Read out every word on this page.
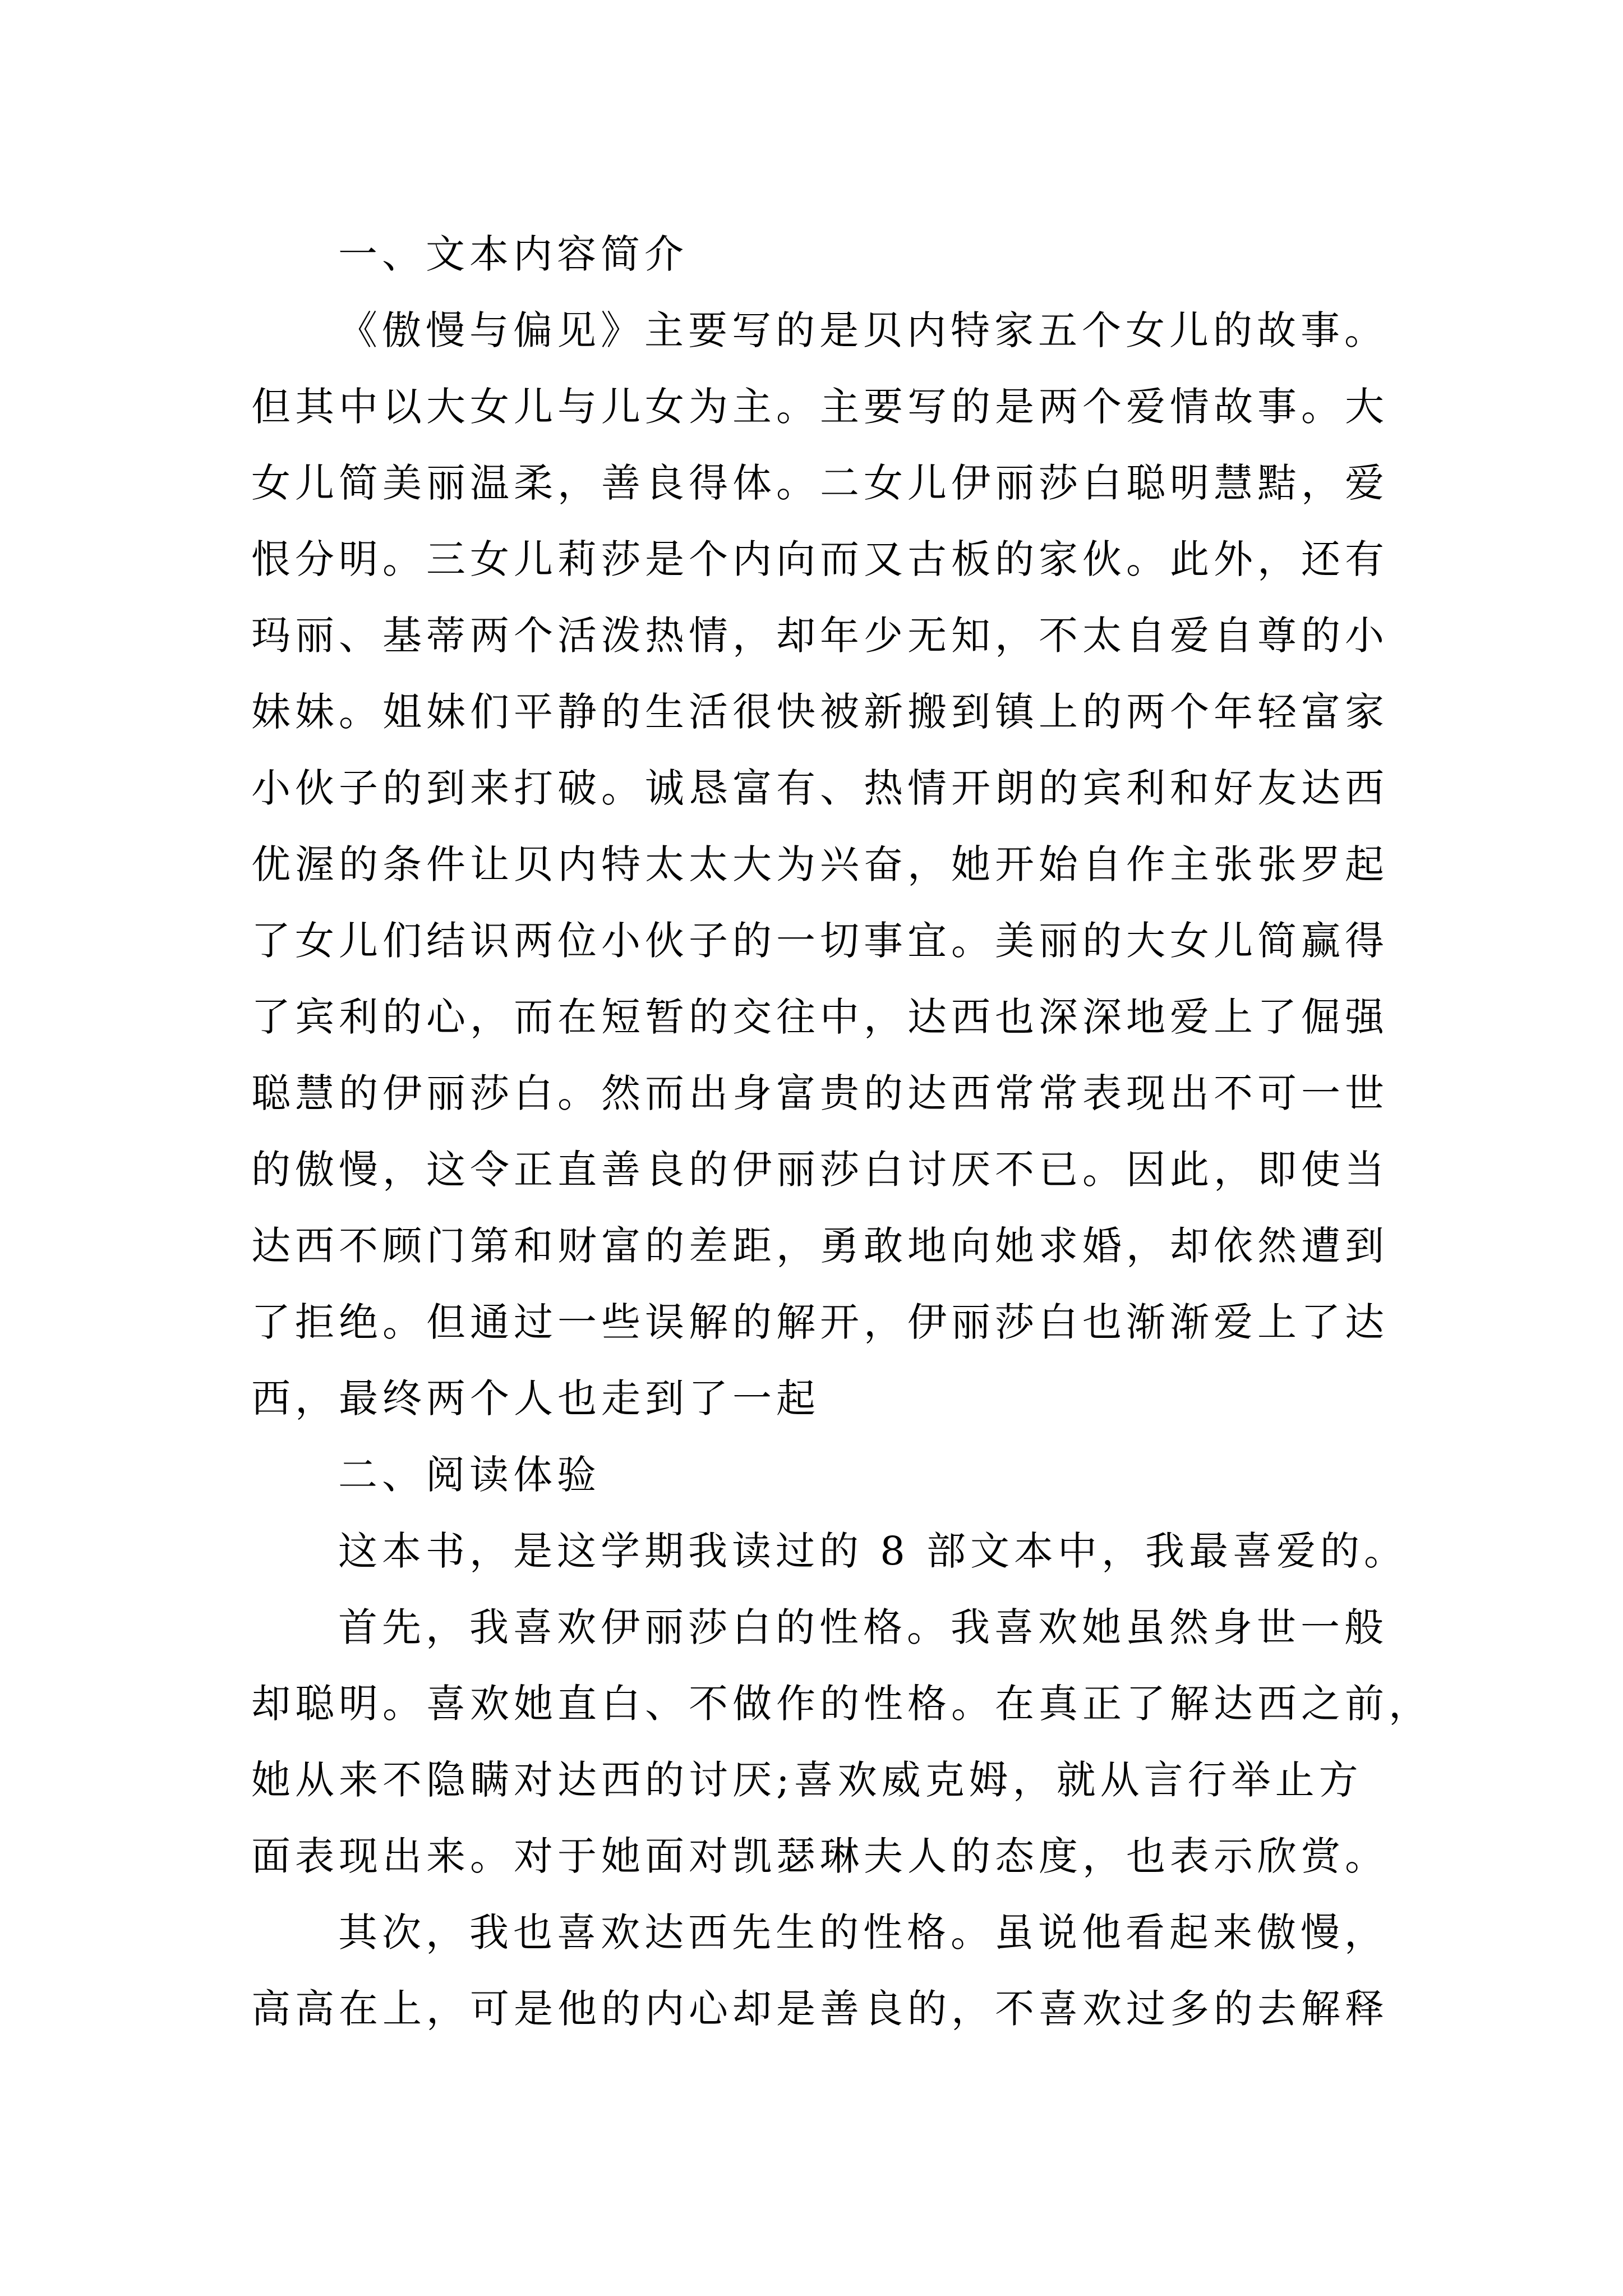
一、文本内容简介
《傲慢与偏见》主要写的是贝内特家五个女儿的故事。
但其中以大女儿与儿女为主。主要写的是两个爱情故事。大
女儿简美丽温柔，善良得体。二女儿伊丽莎白聪明慧黠，爱
恨分明。三女儿莉莎是个内向而又古板的家伙。此外，还有
玛丽、基蒂两个活泼热情，却年少无知，不太自爱自尊的小
妹妹。姐妹们平静的生活很快被新搬到镇上的两个年轻富家
小伙子的到来打破。诚恳富有、热情开朗的宾利和好友达西
优渥的条件让贝内特太太大为兴奋，她开始自作主张张罗起
了女儿们结识两位小伙子的一切事宜。美丽的大女儿简赢得
了宾利的心，而在短暂的交往中，达西也深深地爱上了倔强
聪慧的伊丽莎白。然而出身富贵的达西常常表现出不可一世
的傲慢，这令正直善良的伊丽莎白讨厌不已。因此，即使当
达西不顾门第和财富的差距，勇敢地向她求婚，却依然遭到
了拒绝。但通过一些误解的解开，伊丽莎白也渐渐爱上了达
西，最终两个人也走到了一起
二、阅读体验
这本书，是这学期我读过的 8 部文本中，我最喜爱的。
首先，我喜欢伊丽莎白的性格。我喜欢她虽然身世一般
却聪明。喜欢她直白、不做作的性格。在真正了解达西之前，
她从来不隐瞒对达西的讨厌;喜欢威克姆，就从言行举止方
面表现出来。对于她面对凯瑟琳夫人的态度，也表示欣赏。
其次，我也喜欢达西先生的性格。虽说他看起来傲慢，
高高在上，可是他的内心却是善良的，不喜欢过多的去解释
